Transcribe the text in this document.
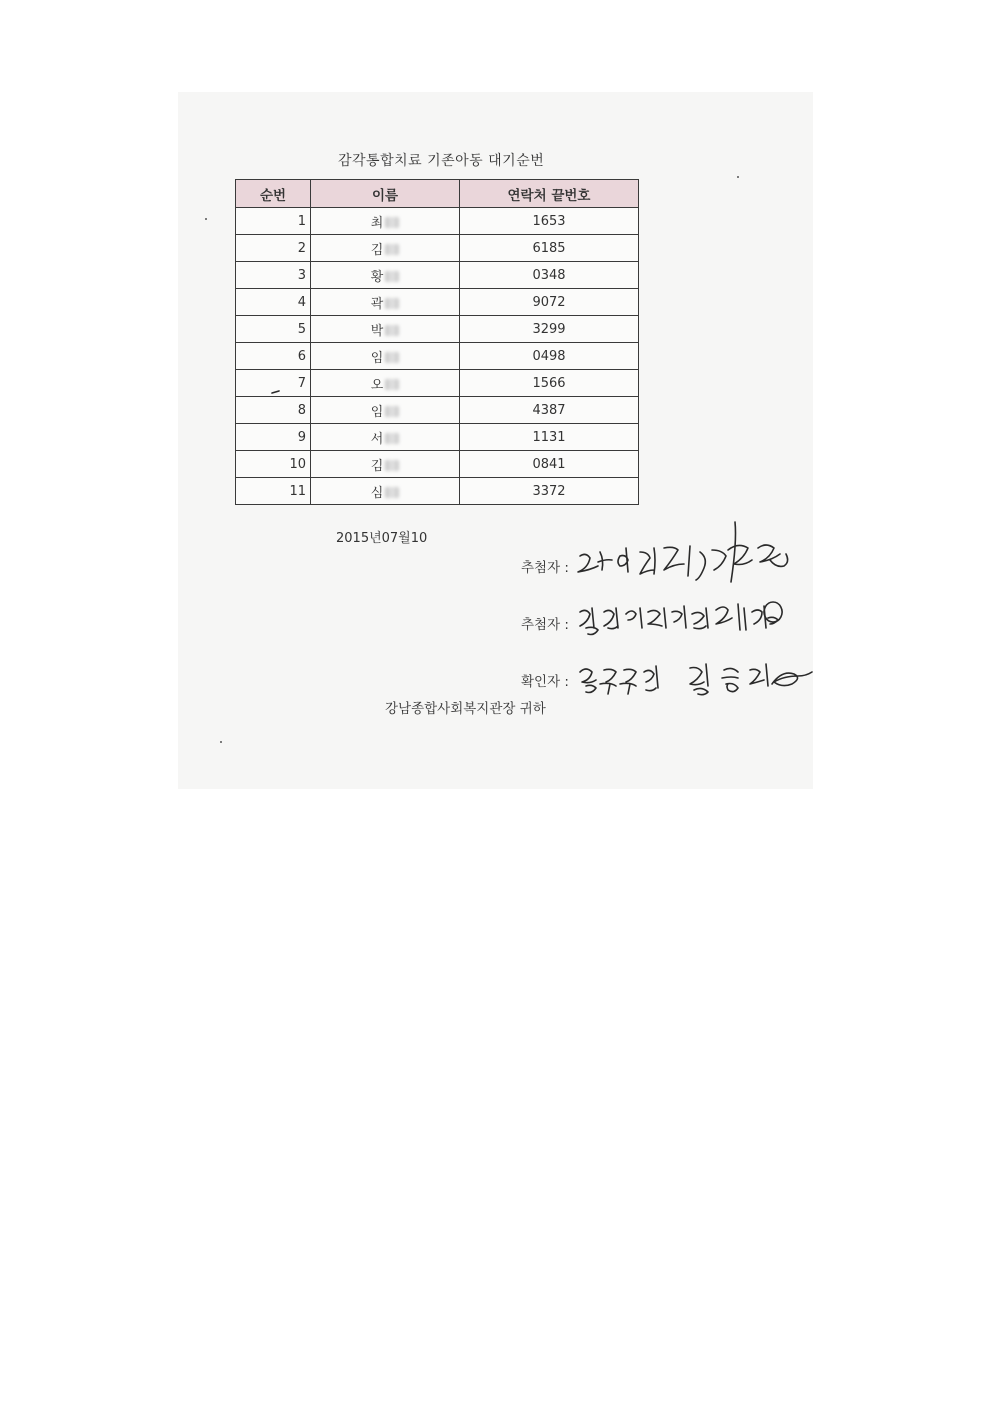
감각통합치료 기존아동 대기순번
순번	이름	연락처 끝번호
1	최	1653
2	김	6185
3	황	0348
4	곽	9072
5	박	3299
6	임	0498
7	오	1566
8	임	4387
9	서	1131
10	김	0841
11	심	3372
2015년07월10
추첨자 :
추첨자 :
확인자 :
강남종합사회복지관장 귀하
